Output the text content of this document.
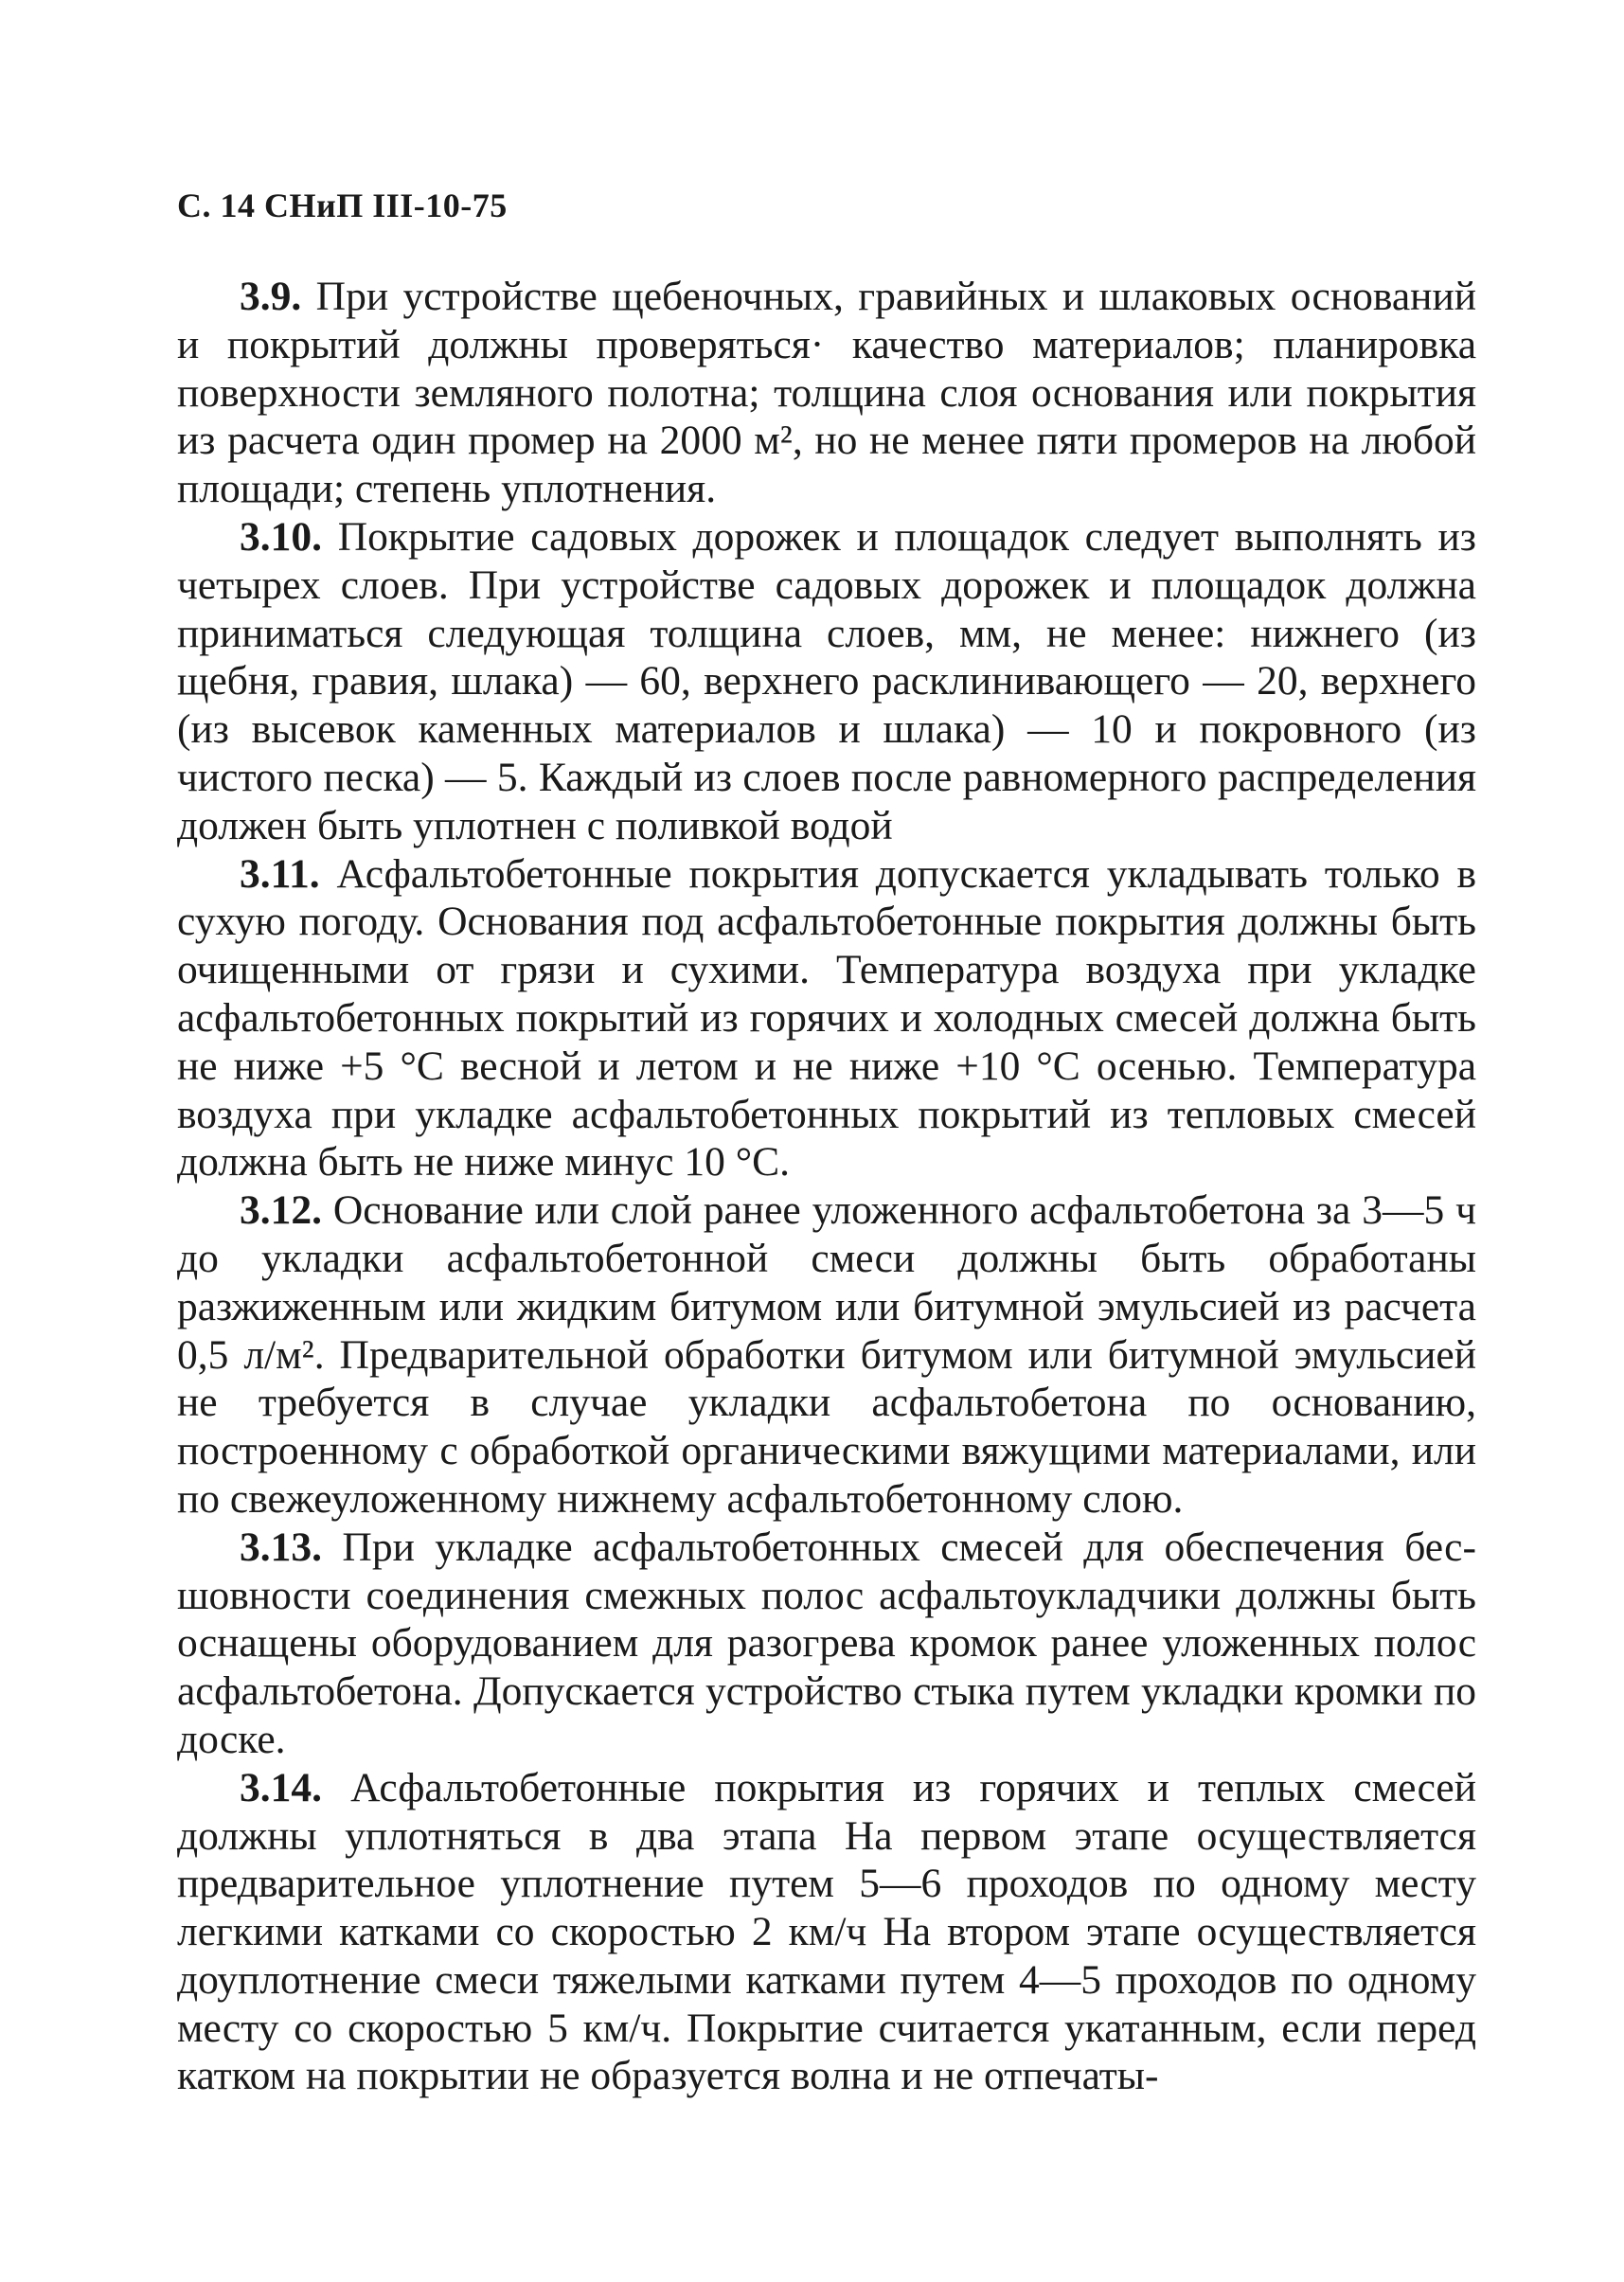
С. 14 СНиП III-10-75

3.9. При устройстве щебеночных, гравийных и шлаковых оснований и покрытий должны проверяться· качество материалов; планировка поверхности земляного полотна; толщина слоя основания или покрытия из расчета один промер на 2000 м², но не менее пяти промеров на любой площади; степень уплотнения.

3.10. Покрытие садовых дорожек и площадок следует выполнять из четырех слоев. При устройстве садовых дорожек и площадок должна приниматься следующая толщина слоев, мм, не менее: нижнего (из щебня, гравия, шлака) — 60, верхнего расклинивающего — 20, верхнего (из высевок каменных материалов и шлака) — 10 и покровного (из чистого песка) — 5. Каждый из слоев после равномерного распределения должен быть уплотнен с поливкой водой

3.11. Асфальтобетонные покрытия допускается укладывать только в сухую погоду. Основания под асфальтобетонные покрытия должны быть очищенными от грязи и сухими. Температура воздуха при укладке асфальтобетонных покрытий из горячих и холодных смесей должна быть не ниже +5 °С весной и летом и не ниже +10 °С осенью. Температура воздуха при укладке асфальтобетонных покрытий из тепловых смесей должна быть не ниже минус 10 °С.

3.12. Основание или слой ранее уложенного асфальтобетона за 3—5 ч до укладки асфальтобетонной смеси должны быть обработаны разжиженным или жидким битумом или битумной эмульсией из расчета 0,5 л/м². Предварительной обработки битумом или битумной эмульсией не требуется в случае укладки асфальтобетона по основанию, построенному с обработкой органическими вяжущими материалами, или по свежеуложенному нижнему асфальтобетонному слою.

3.13. При укладке асфальтобетонных смесей для обеспечения бесшовности соединения смежных полос асфальтоукладчики должны быть оснащены оборудованием для разогрева кромок ранее уложенных полос асфальтобетона. Допускается устройство стыка путем укладки кромки по доске.

3.14. Асфальтобетонные покрытия из горячих и теплых смесей должны уплотняться в два этапа На первом этапе осуществляется предварительное уплотнение путем 5—6 проходов по одному месту легкими катками со скоростью 2 км/ч На втором этапе осуществляется доуплотнение смеси тяжелыми катками путем 4—5 проходов по одному месту со скоростью 5 км/ч. Покрытие считается укатанным, если перед катком на покрытии не образуется волна и не отпечаты-
